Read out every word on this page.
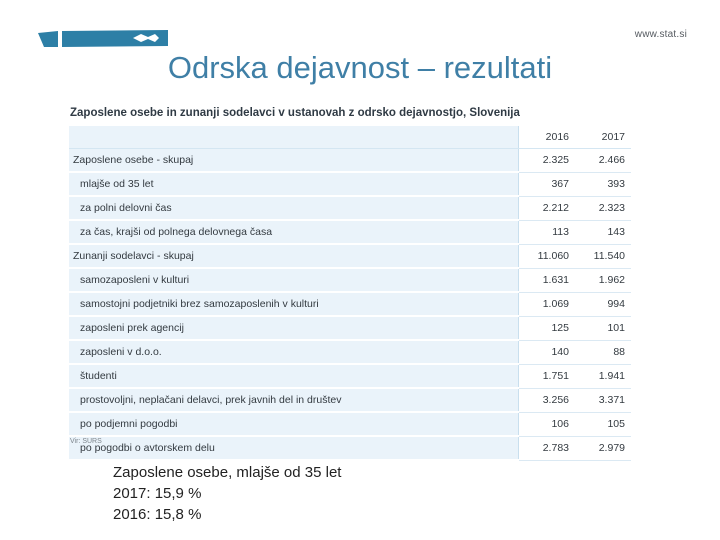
www.stat.si
Odrska dejavnost – rezultati

Zaposlene osebe in zunanji sodelavci v ustanovah z odrsko dejavnostjo, Slovenija

		2016	2017
Zaposlene osebe - skupaj		2.325	2.466
mlajše od 35 let		367	393
za polni delovni čas		2.212	2.323
za čas, krajši od polnega delovnega časa		113	143
Zunanji sodelavci - skupaj		11.060	11.540
samozaposleni v kulturi		1.631	1.962
samostojni podjetniki brez samozaposlenih v kulturi		1.069	994
zaposleni prek agencij		125	101
zaposleni v d.o.o.		140	88
študenti		1.751	1.941
prostovoljni, neplačani delavci, prek javnih del in društev		3.256	3.371
po podjemni pogodbi		106	105
po pogodbi o avtorskem delu		2.783	2.979
Vir: SURS
Zaposlene osebe, mlajše od 35 let
2017: 15,9 %
2016: 15,8 %
